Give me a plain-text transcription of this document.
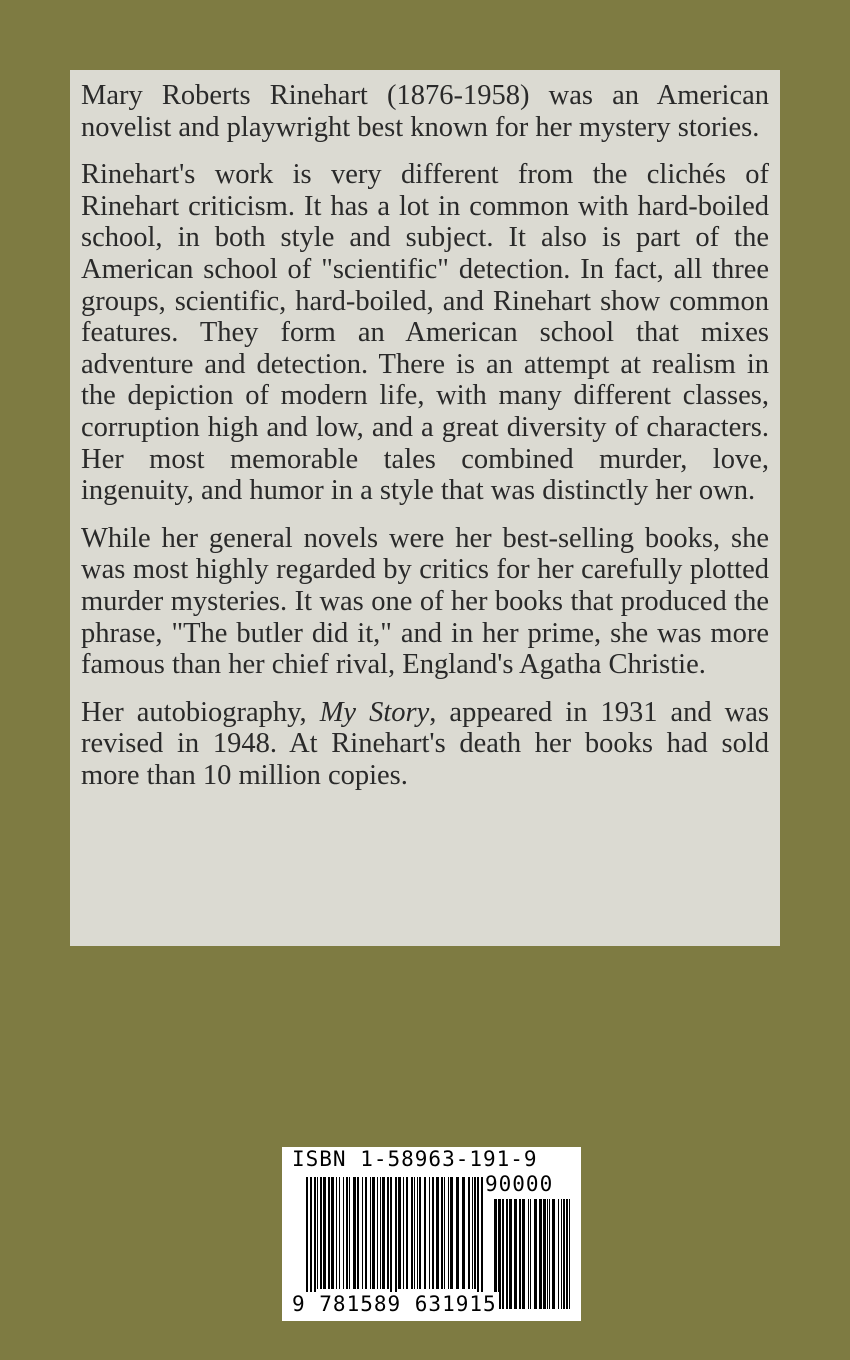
Mary Roberts Rinehart (1876-1958) was an American novelist and playwright best known for her mystery stories.

Rinehart's work is very different from the clichés of Rinehart criticism. It has a lot in common with hard-boiled school, in both style and subject. It also is part of the American school of "scientific" detection. In fact, all three groups, scientific, hard-boiled, and Rinehart show common features. They form an American school that mixes adventure and detection. There is an attempt at realism in the depiction of modern life, with many different classes, corruption high and low, and a great diversity of characters. Her most memorable tales combined murder, love, ingenuity, and humor in a style that was distinctly her own.

While her general novels were her best-selling books, she was most highly regarded by critics for her carefully plotted murder mysteries. It was one of her books that produced the phrase, "The butler did it," and in her prime, she was more famous than her chief rival, England's Agatha Christie.

Her autobiography, My Story, appeared in 1931 and was revised in 1948. At Rinehart's death her books had sold more than 10 million copies.

ISBN 1-58963-191-9
90000
9 781589 631915
